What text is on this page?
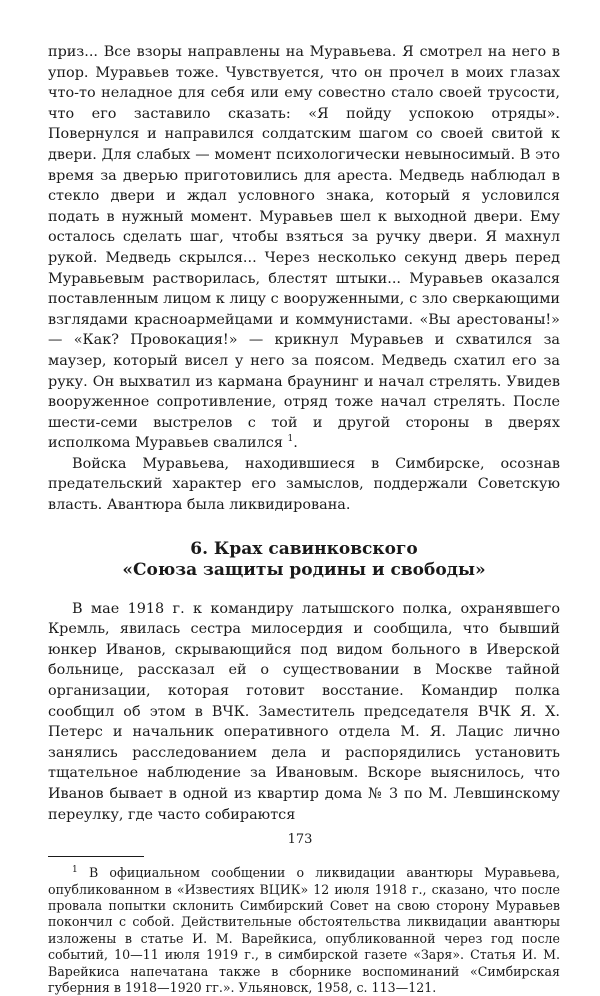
приз... Все взоры направлены на Муравьева. Я смотрел на него в упор. Муравьев тоже. Чувствуется, что он прочел в моих глазах что-то неладное для себя или ему совестно стало своей трусости, что его заставило сказать: «Я пойду успокою отряды». Повернулся и направился солдатским шагом со своей свитой к двери. Для слабых — момент психологически невыносимый. В это время за дверью приготовились для ареста. Медведь наблюдал в стекло двери и ждал условного знака, который я условился подать в нужный момент. Муравьев шел к выходной двери. Ему осталось сделать шаг, чтобы взяться за ручку двери. Я махнул рукой. Медведь скрылся... Через несколько секунд дверь перед Муравьевым растворилась, блестят штыки... Муравьев оказался поставленным лицом к лицу с вооруженными, с зло сверкающими взглядами красноармейцами и коммунистами. «Вы арестованы!» — «Как? Провокация!» — крикнул Муравьев и схватился за маузер, который висел у него за поясом. Медведь схатил его за руку. Он выхватил из кармана браунинг и начал стрелять. Увидев вооруженное сопротивление, отряд тоже начал стрелять. После шести-семи выстрелов с той и другой стороны в дверях исполкома Муравьев свалился $^1$.

Войска Муравьева, находившиеся в Симбирске, осознав предательский характер его замыслов, поддержали Советскую власть. Авантюра была ликвидирована.

6. Крах савинковского
«Союза защиты родины и свободы»

В мае 1918 г. к командиру латышского полка, охранявшего Кремль, явилась сестра милосердия и сообщила, что бывший юнкер Иванов, скрывающийся под видом больного в Иверской больнице, рассказал ей о существовании в Москве тайной организации, которая готовит восстание. Командир полка сообщил об этом в ВЧК. Заместитель председателя ВЧК Я. Х. Петерс и начальник оперативного отдела М. Я. Лацис лично занялись расследованием дела и распорядились установить тщательное наблюдение за Ивановым. Вскоре выяснилось, что Иванов бывает в одной из квартир дома № 3 по М. Левшинскому переулку, где часто собираются

$^1$ В официальном сообщении о ликвидации авантюры Муравьева, опубликованном в «Известиях ВЦИК» 12 июля 1918 г., сказано, что после провала попытки склонить Симбирский Совет на свою сторону Муравьев покончил с собой. Действительные обстоятельства ликвидации авантюры изложены в статье И. М. Варейкиса, опубликованной через год после событий, 10—11 июля 1919 г., в симбирской газете «Заря». Статья И. М. Варейкиса напечатана также в сборнике воспоминаний «Симбирская губерния в 1918—1920 гг.». Ульяновск, 1958, с. 113—121.

173
